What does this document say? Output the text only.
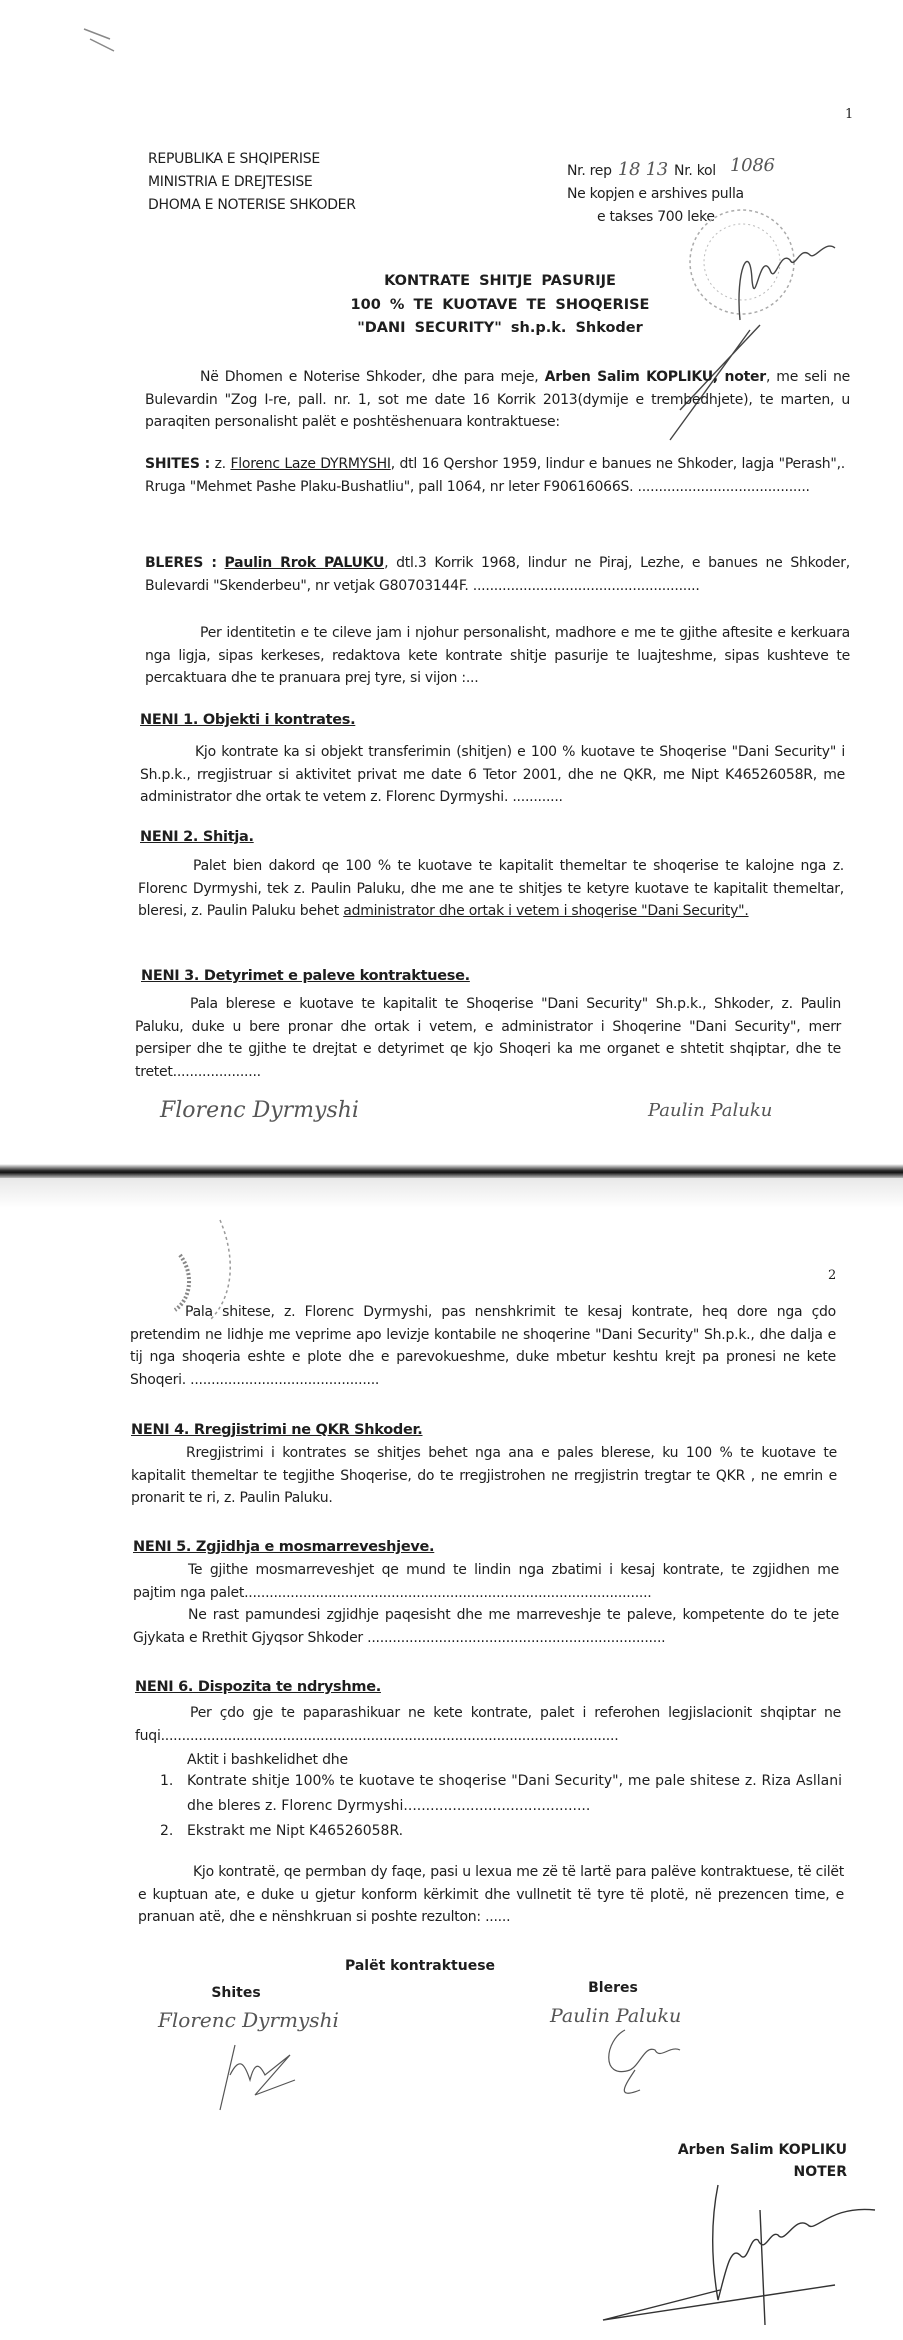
1
REPUBLIKA E SHQIPERISE
MINISTRIA E DREJTESISE
DHOMA E NOTERISE SHKODER
Nr. rep 18 13 Nr. kol 1086
Ne kopjen e arshives pulla
e takses 700 leke
KONTRATE SHITJE PASURIJE
100 % TE KUOTAVE TE SHOQERISE
"DANI SECURITY" sh.p.k. Shkoder
Në Dhomen e Noterise Shkoder, dhe para meje, Arben Salim KOPLIKU, noter, me seli ne Bulevardin "Zog I-re, pall. nr. 1, sot me date 16 Korrik 2013(dymije e trembedhjete), te marten, u paraqiten personalisht palët e poshtëshenuara kontraktuese:
SHITES : z. Florenc Laze DYRMYSHI, dtl 16 Qershor 1959, lindur e banues ne Shkoder, lagja "Perash",. Rruga "Mehmet Pashe Plaku-Bushatliu", pall 1064, nr leter F90616066S. .........................................
BLERES : Paulin Rrok PALUKU, dtl.3 Korrik 1968, lindur ne Piraj, Lezhe, e banues ne Shkoder, Bulevardi "Skenderbeu", nr vetjak G80703144F. ......................................................
Per identitetin e te cileve jam i njohur personalisht, madhore e me te gjithe aftesite e kerkuara nga ligja, sipas kerkeses, redaktova kete kontrate shitje pasurije te luajteshme, sipas kushteve te percaktuara dhe te pranuara prej tyre, si vijon :...
NENI 1. Objekti i kontrates.
Kjo kontrate ka si objekt transferimin (shitjen) e 100 % kuotave te Shoqerise "Dani Security" i Sh.p.k., rregjistruar si aktivitet privat me date 6 Tetor 2001, dhe ne QKR, me Nipt K46526058R, me administrator dhe ortak te vetem z. Florenc Dyrmyshi. ............
NENI 2. Shitja.
Palet bien dakord qe 100 % te kuotave te kapitalit themeltar te shoqerise te kalojne nga z. Florenc Dyrmyshi, tek z. Paulin Paluku, dhe me ane te shitjes te ketyre kuotave te kapitalit themeltar, bleresi, z. Paulin Paluku behet administrator dhe ortak i vetem i shoqerise "Dani Security".
NENI 3. Detyrimet e paleve kontraktuese.
Pala blerese e kuotave te kapitalit te Shoqerise "Dani Security" Sh.p.k., Shkoder, z. Paulin Paluku, duke u bere pronar dhe ortak i vetem, e administrator i Shoqerine "Dani Security", merr persiper dhe te gjithe te drejtat e detyrimet qe kjo Shoqeri ka me organet e shtetit shqiptar, dhe te tretet.....................
Florenc Dyrmyshi	Paulin Paluku
2
Pala shitese, z. Florenc Dyrmyshi, pas nenshkrimit te kesaj kontrate, heq dore nga çdo pretendim ne lidhje me veprime apo levizje kontabile ne shoqerine "Dani Security" Sh.p.k., dhe dalja e tij nga shoqeria eshte e plote dhe e parevokueshme, duke mbetur keshtu krejt pa pronesi ne kete Shoqeri. .............................................
NENI 4. Rregjistrimi ne QKR Shkoder.
Rregjistrimi i kontrates se shitjes behet nga ana e pales blerese, ku 100 % te kuotave te kapitalit themeltar te tegjithe Shoqerise, do te rregjistrohen ne rregjistrin tregtar te QKR , ne emrin e pronarit te ri, z. Paulin Paluku.
NENI 5. Zgjidhja e mosmarreveshjeve.
Te gjithe mosmarreveshjet qe mund te lindin nga zbatimi i kesaj kontrate, te zgjidhen me pajtim nga palet.................................................................................................
Ne rast pamundesi zgjidhje paqesisht dhe me marreveshje te paleve, kompetente do te jete Gjykata e Rrethit Gjyqsor Shkoder .......................................................................
NENI 6. Dispozita te ndryshme.
Per çdo gje te paparashikuar ne kete kontrate, palet i referohen legjislacionit shqiptar ne fuqi.............................................................................................................
Aktit i bashkelidhet dhe
1. Kontrate shitje 100% te kuotave te shoqerise "Dani Security", me pale shitese z. Riza Asllani dhe bleres z. Florenc Dyrmyshi..........................................
2. Ekstrakt me Nipt K46526058R.
Kjo kontratë, qe permban dy faqe, pasi u lexua me zë të lartë para palëve kontraktuese, të cilët e kuptuan ate, e duke u gjetur konform kërkimit dhe vullnetit të tyre të plotë, në prezencen time, e pranuan atë, dhe e nënshkruan si poshte rezulton: ......
Palët kontraktuese
Shites	Bleres
Florenc Dyrmyshi	Paulin Paluku
Arben Salim KOPLIKU
NOTER
